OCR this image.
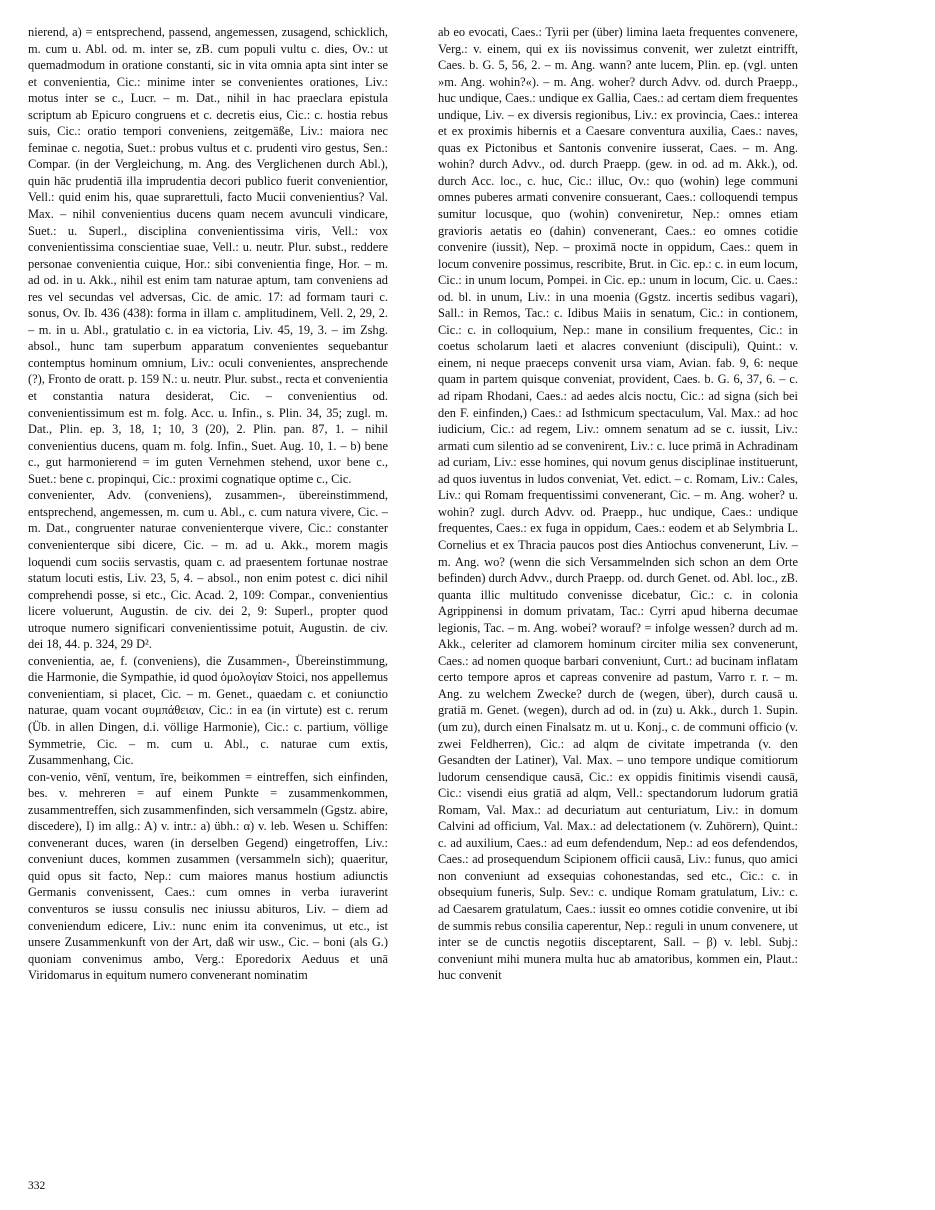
nierend, a) = entsprechend, passend, angemessen, zusagend, schicklich, m. cum u. Abl. od. m. inter se, zB. cum populi vultu c. dies, Ov.: ut quemadmodum in oratione constanti, sic in vita omnia apta sint inter se et convenientia, Cic.: minime inter se convenientes orationes, Liv.: motus inter se c., Lucr. – m. Dat., nihil in hac praeclara epistula scriptum ab Epicuro congruens et c. decretis eius, Cic.: c. hostia rebus suis, Cic.: oratio tempori conveniens, zeitgemäße, Liv.: maiora nec feminae c. negotia, Suet.: probus vultus et c. prudenti viro gestus, Sen.: Compar. (in der Vergleichung, m. Ang. des Verglichenen durch Abl.), quin hāc prudentiā illa imprudentia decori publico fuerit convenientior, Vell.: quid enim his, quae suprarettuli, facto Mucii convenientius? Val. Max. – nihil convenientius ducens quam necem avunculi vindicare, Suet.: u. Superl., disciplina convenientissima viris, Vell.: vox convenientissima conscientiae suae, Vell.: u. neutr. Plur. subst., reddere personae convenientia cuique, Hor.: sibi convenientia finge, Hor. – m. ad od. in u. Akk., nihil est enim tam naturae aptum, tam conveniens ad res vel secundas vel adversas, Cic. de amic. 17: ad formam tauri c. sonus, Ov. Ib. 436 (438): forma in illam c. amplitudinem, Vell. 2, 29, 2. – m. in u. Abl., gratulatio c. in ea victoria, Liv. 45, 19, 3. – im Zshg. absol., hunc tam superbum apparatum convenientes sequebantur contemptus hominum omnium, Liv.: oculi convenientes, ansprechende (?), Fronto de oratt. p. 159 N.: u. neutr. Plur. subst., recta et convenientia et constantia natura desiderat, Cic. – convenientius od. convenientissimum est m. folg. Acc. u. Infin., s. Plin. 34, 35; zugl. m. Dat., Plin. ep. 3, 18, 1; 10, 3 (20), 2. Plin. pan. 87, 1. – nihil convenientius ducens, quam m. folg. Infin., Suet. Aug. 10, 1. – b) bene c., gut harmonierend = im guten Vernehmen stehend, uxor bene c., Suet.: bene c. propinqui, Cic.: proximi cognatique optime c., Cic.

convenienter, Adv. (conveniens), zusammen-, übereinstimmend, entsprechend, angemessen, m. cum u. Abl., c. cum natura vivere, Cic. – m. Dat., congruenter naturae convenienterque vivere, Cic.: constanter convenienterque sibi dicere, Cic. – m. ad u. Akk., morem magis loquendi cum sociis servastis, quam c. ad praesentem fortunae nostrae statum locuti estis, Liv. 23, 5, 4. – absol., non enim potest c. dici nihil comprehendi posse, si etc., Cic. Acad. 2, 109: Compar., convenientius licere voluerunt, Augustin. de civ. dei 2, 9: Superl., propter quod utroque numero significari convenientissime potuit, Augustin. de civ. dei 18, 44. p. 324, 29 D².

convenientia, ae, f. (conveniens), die Zusammen-, Übereinstimmung, die Harmonie, die Sympathie, id quod ὁμολογίαν Stoici, nos appellemus convenientiam, si placet, Cic. – m. Genet., quaedam c. et coniunctio naturae, quam vocant συμπάθειαν, Cic.: in ea (in virtute) est c. rerum (Üb. in allen Dingen, d.i. völlige Harmonie), Cic.: c. partium, völlige Symmetrie, Cic. – m. cum u. Abl., c. naturae cum extis, Zusammenhang, Cic.

con-venio, vēnī, ventum, īre, beikommen = eintreffen, sich einfinden, bes. v. mehreren = auf einem Punkte = zusammenkommen, zusammentreffen, sich zusammenfinden, sich versammeln (Ggstz. abire, discedere), I) im allg.: A) v. intr.: a) übh.: α) v. leb. Wesen u. Schiffen: convenerant duces, waren (in derselben Gegend) eingetroffen, Liv.: conveniunt duces, kommen zusammen (versammeln sich); quaeritur, quid opus sit facto, Nep.: cum maiores manus hostium adiunctis Germanis convenissent, Caes.: cum omnes in verba iuraverint conventuros se iussu consulis nec iniussu abituros, Liv. – diem ad conveniendum edicere, Liv.: nunc enim ita convenimus, ut etc., ist unsere Zusammenkunft von der Art, daß wir usw., Cic. – boni (als G.) quoniam convenimus ambo, Verg.: Eporedorix Aeduus et unā Viridomarus in equitum numero convenerant nominatim

ab eo evocati, Caes.: Tyrii per (über) limina laeta frequentes convenere, Verg.: v. einem, qui ex iis novissimus convenit, wer zuletzt eintrifft, Caes. b. G. 5, 56, 2. – m. Ang. wann? ante lucem, Plin. ep. (vgl. unten »m. Ang. wohin?«). – m. Ang. woher? durch Advv. od. durch Praepp., huc undique, Caes.: undique ex Gallia, Caes.: ad certam diem frequentes undique, Liv. – ex diversis regionibus, Liv.: ex provincia, Caes.: interea et ex proximis hibernis et a Caesare conventura auxilia, Caes.: naves, quas ex Pictonibus et Santonis convenire iusserat, Caes. – m. Ang. wohin? durch Advv., od. durch Praepp. (gew. in od. ad m. Akk.), od. durch Acc. loc., c. huc, Cic.: illuc, Ov.: quo (wohin) lege communi omnes puberes armati convenire consuerant, Caes.: colloquendi tempus sumitur locusque, quo (wohin) conveniretur, Nep.: omnes etiam gravioris aetatis eo (dahin) convenerant, Caes.: eo omnes cotidie convenire (iussit), Nep. – proximā nocte in oppidum, Caes.: quem in locum convenire possimus, rescribite, Brut. in Cic. ep.: c. in eum locum, Cic.: in unum locum, Pompei. in Cic. ep.: unum in locum, Cic. u. Caes.: od. bl. in unum, Liv.: in una moenia (Ggstz. incertis sedibus vagari), Sall.: in Remos, Tac.: c. Idibus Maiis in senatum, Cic.: in contionem, Cic.: c. in colloquium, Nep.: mane in consilium frequentes, Cic.: in coetus scholarum laeti et alacres conveniunt (discipuli), Quint.: v. einem, ni neque praeceps convenit ursa viam, Avian. fab. 9, 6: neque quam in partem quisque conveniat, provident, Caes. b. G. 6, 37, 6. – c. ad ripam Rhodani, Caes.: ad aedes alcis noctu, Cic.: ad signa (sich bei den F. einfinden,) Caes.: ad Isthmicum spectaculum, Val. Max.: ad hoc iudicium, Cic.: ad regem, Liv.: omnem senatum ad se c. iussit, Liv.: armati cum silentio ad se convenirent, Liv.: c. luce primā in Achradinam ad curiam, Liv.: esse homines, qui novum genus disciplinae instituerunt, ad quos iuventus in ludos conveniat, Vet. edict. – c. Romam, Liv.: Cales, Liv.: qui Romam frequentissimi convenerant, Cic. – m. Ang. woher? u. wohin? zugl. durch Advv. od. Praepp., huc undique, Caes.: undique frequentes, Caes.: ex fuga in oppidum, Caes.: eodem et ab Selymbria L. Cornelius et ex Thracia paucos post dies Antiochus convenerunt, Liv. – m. Ang. wo? (wenn die sich Versammelnden sich schon an dem Orte befinden) durch Advv., durch Praepp. od. durch Genet. od. Abl. loc., zB. quanta illic multitudo convenisse dicebatur, Cic.: c. in colonia Agrippinensi in domum privatam, Tac.: Cyrri apud hiberna decumae legionis, Tac. – m. Ang. wobei? worauf? = infolge wessen? durch ad m. Akk., celeriter ad clamorem hominum circiter milia sex convenerunt, Caes.: ad nomen quoque barbari conveniunt, Curt.: ad bucinam inflatam certo tempore apros et capreas convenire ad pastum, Varro r. r. – m. Ang. zu welchem Zwecke? durch de (wegen, über), durch causā u. gratiā m. Genet. (wegen), durch ad od. in (zu) u. Akk., durch 1. Supin. (um zu), durch einen Finalsatz m. ut u. Konj., c. de communi officio (v. zwei Feldherren), Cic.: ad alqm de civitate impetranda (v. den Gesandten der Latiner), Val. Max. – uno tempore undique comitiorum ludorum censendique causā, Cic.: ex oppidis finitimis visendi causā, Cic.: visendi eius gratiā ad alqm, Vell.: spectandorum ludorum gratiā Romam, Val. Max.: ad decuriatum aut centuriatum, Liv.: in domum Calvini ad officium, Val. Max.: ad delectationem (v. Zuhörern), Quint.: c. ad auxilium, Caes.: ad eum defendendum, Nep.: ad eos defendendos, Caes.: ad prosequendum Scipionem officii causā, Liv.: funus, quo amici non conveniunt ad exsequias cohonestandas, sed etc., Cic.: c. in obsequium funeris, Sulp. Sev.: c. undique Romam gratulatum, Liv.: c. ad Caesarem gratulatum, Caes.: iussit eo omnes cotidie convenire, ut ibi de summis rebus consilia caperentur, Nep.: reguli in unum convenere, ut inter se de cunctis negotiis disceptarent, Sall. – β) v. lebl. Subj.: conveniunt mihi munera multa huc ab amatoribus, kommen ein, Plaut.: huc convenit

332
